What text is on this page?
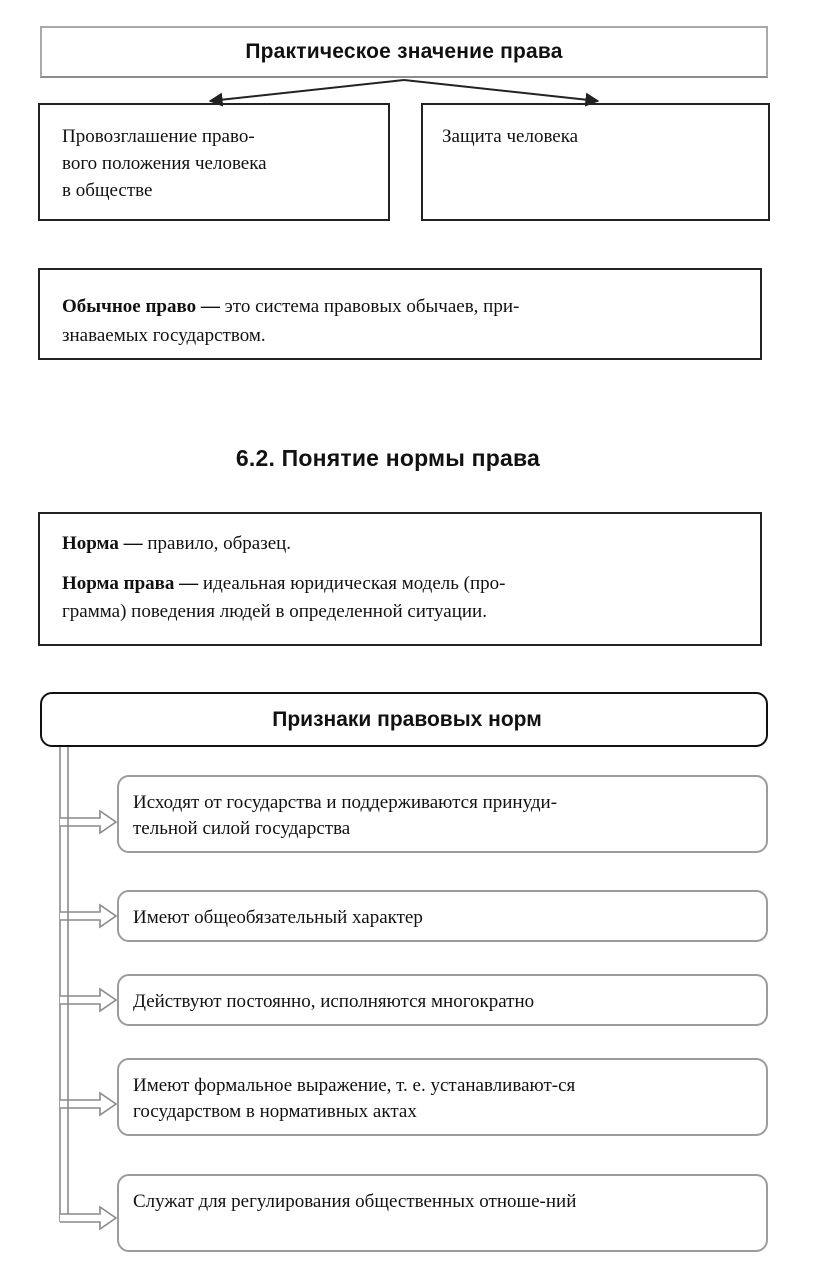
Практическое значение права
Провозглашение право-
вого положения человека
в обществе
Защита человека
Обычное право — это система правовых обычаев, при-
знаваемых государством.
6.2. Понятие нормы права

Норма — правило, образец.

Норма права — идеальная юридическая модель (про-
грамма) поведения людей в определенной ситуации.

Признаки правовых норм
Исходят от государства и поддерживаются принуди-
тельной силой государства
Имеют общеобязательный характер
Действуют постоянно, исполняются многократно
Имеют формальное выражение, т. е. устанавливают-ся
государством в нормативных актах
Служат для регулирования общественных отноше-ний
